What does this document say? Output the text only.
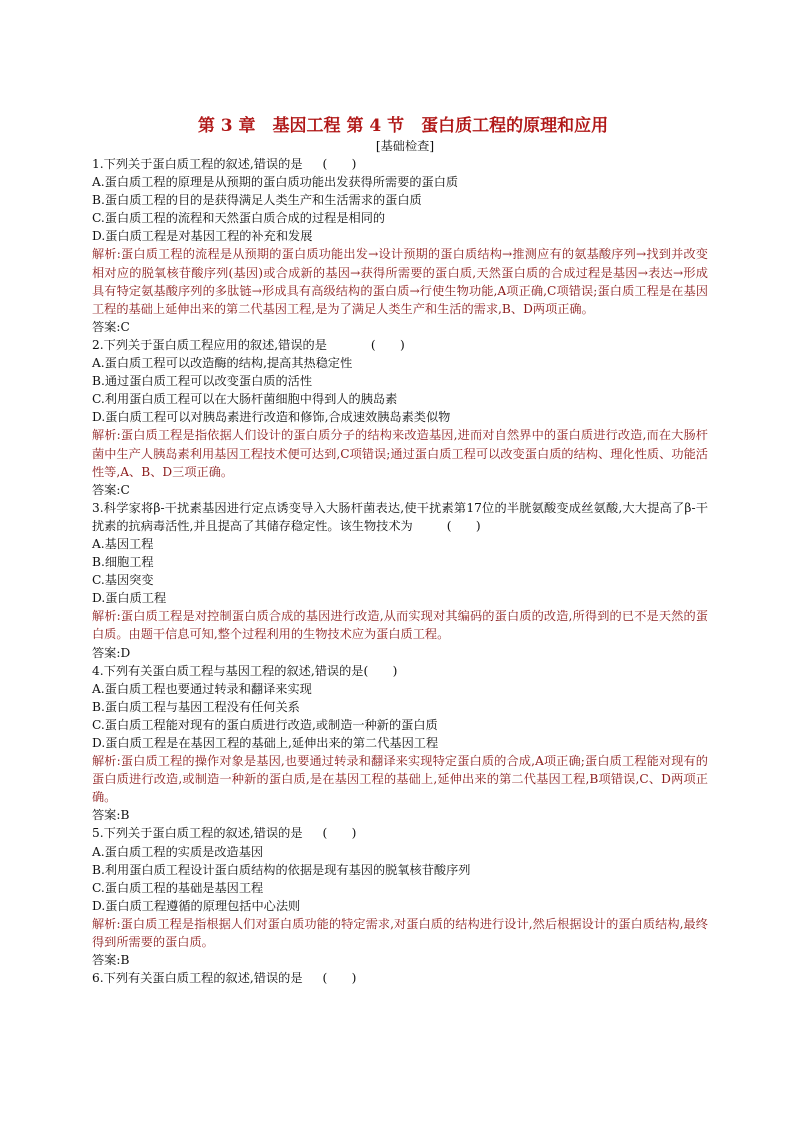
第 3 章　基因工程 第 4 节　蛋白质工程的原理和应用
[基础检查]
1.下列关于蛋白质工程的叙述,错误的是 (　　)
A.蛋白质工程的原理是从预期的蛋白质功能出发获得所需要的蛋白质
B.蛋白质工程的目的是获得满足人类生产和生活需求的蛋白质
C.蛋白质工程的流程和天然蛋白质合成的过程是相同的
D.蛋白质工程是对基因工程的补充和发展
解析:蛋白质工程的流程是从预期的蛋白质功能出发→设计预期的蛋白质结构→推测应有的氨基酸序列→找到并改变相对应的脱氧核苷酸序列(基因)或合成新的基因→获得所需要的蛋白质,天然蛋白质的合成过程是基因→表达→形成具有特定氨基酸序列的多肽链→形成具有高级结构的蛋白质→行使生物功能,A项正确,C项错误;蛋白质工程是在基因工程的基础上延伸出来的第二代基因工程,是为了满足人类生产和生活的需求,B、D两项正确。
答案:C
2.下列关于蛋白质工程应用的叙述,错误的是	(　　)
A.蛋白质工程可以改造酶的结构,提高其热稳定性
B.通过蛋白质工程可以改变蛋白质的活性
C.利用蛋白质工程可以在大肠杆菌细胞中得到人的胰岛素
D.蛋白质工程可以对胰岛素进行改造和修饰,合成速效胰岛素类似物
解析:蛋白质工程是指依据人们设计的蛋白质分子的结构来改造基因,进而对自然界中的蛋白质进行改造,而在大肠杆菌中生产人胰岛素利用基因工程技术便可达到,C项错误;通过蛋白质工程可以改变蛋白质的结构、理化性质、功能活性等,A、B、D三项正确。
答案:C
3.科学家将β-干扰素基因进行定点诱变导入大肠杆菌表达,使干扰素第17位的半胱氨酸变成丝氨酸,大大提高了β-干扰素的抗病毒活性,并且提高了其储存稳定性。该生物技术为	(　　)
A.基因工程
B.细胞工程
C.基因突变
D.蛋白质工程
解析:蛋白质工程是对控制蛋白质合成的基因进行改造,从而实现对其编码的蛋白质的改造,所得到的已不是天然的蛋白质。由题干信息可知,整个过程利用的生物技术应为蛋白质工程。
答案:D
4.下列有关蛋白质工程与基因工程的叙述,错误的是(　　)
A.蛋白质工程也要通过转录和翻译来实现
B.蛋白质工程与基因工程没有任何关系
C.蛋白质工程能对现有的蛋白质进行改造,或制造一种新的蛋白质
D.蛋白质工程是在基因工程的基础上,延伸出来的第二代基因工程
解析:蛋白质工程的操作对象是基因,也要通过转录和翻译来实现特定蛋白质的合成,A项正确;蛋白质工程能对现有的蛋白质进行改造,或制造一种新的蛋白质,是在基因工程的基础上,延伸出来的第二代基因工程,B项错误,C、D两项正确。
答案:B
5.下列关于蛋白质工程的叙述,错误的是 (　　)
A.蛋白质工程的实质是改造基因
B.利用蛋白质工程设计蛋白质结构的依据是现有基因的脱氧核苷酸序列
C.蛋白质工程的基础是基因工程
D.蛋白质工程遵循的原理包括中心法则
解析:蛋白质工程是指根据人们对蛋白质功能的特定需求,对蛋白质的结构进行设计,然后根据设计的蛋白质结构,最终得到所需要的蛋白质。
答案:B
6.下列有关蛋白质工程的叙述,错误的是 (　　)
